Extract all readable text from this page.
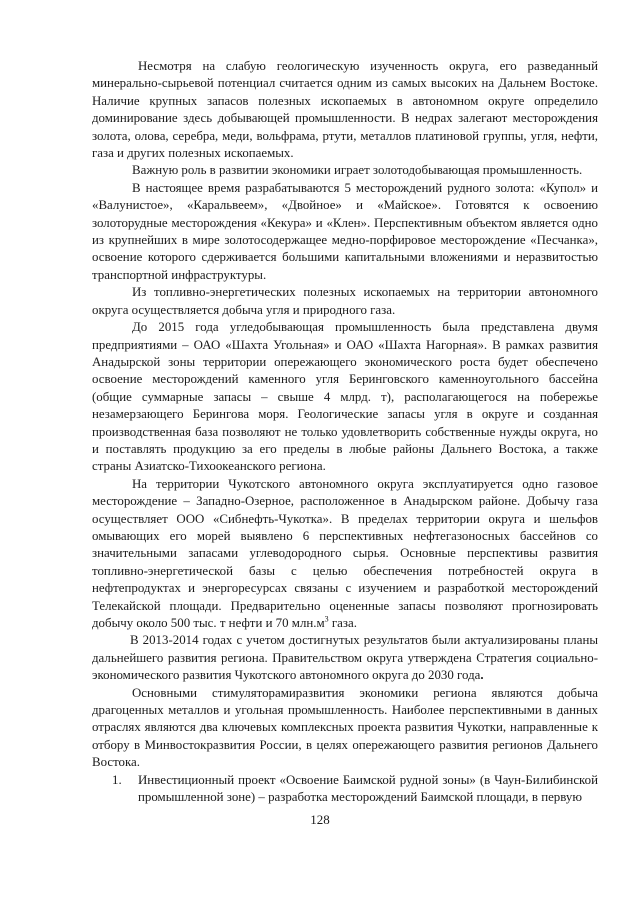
Несмотря на слабую геологическую изученность округа, его разведанный минерально-сырьевой потенциал считается одним из самых высоких на Дальнем Востоке. Наличие крупных запасов полезных ископаемых в автономном округе определило доминирование здесь добывающей промышленности. В недрах залегают месторождения золота, олова, серебра, меди, вольфрама, ртути, металлов платиновой группы, угля, нефти, газа и других полезных ископаемых.

Важную роль в развитии экономики играет золотодобывающая промышленность.

В настоящее время разрабатываются 5 месторождений рудного золота: «Купол» и «Валунистое», «Каральвеем», «Двойное» и «Майское». Готовятся к освоению золоторудные месторождения «Кекура» и «Клен». Перспективным объектом является одно из крупнейших в мире золотосодержащее медно-порфировое месторождение «Песчанка», освоение которого сдерживается большими капитальными вложениями и неразвитостью транспортной инфраструктуры.

Из топливно-энергетических полезных ископаемых на территории автономного округа осуществляется добыча угля и природного газа.

До 2015 года угледобывающая промышленность была представлена двумя предприятиями – ОАО «Шахта Угольная» и ОАО «Шахта Нагорная». В рамках развития Анадырской зоны территории опережающего экономического роста будет обеспечено освоение месторождений каменного угля Беринговского каменноугольного бассейна (общие суммарные запасы – свыше 4 млрд. т), располагающегося на побережье незамерзающего Берингова моря. Геологические запасы угля в округе и созданная производственная база позволяют не только удовлетворить собственные нужды округа, но и поставлять продукцию за его пределы в любые районы Дальнего Востока, а также страны Азиатско-Тихоокеанского региона.

На территории Чукотского автономного округа эксплуатируется одно газовое месторождение – Западно-Озерное, расположенное в Анадырском районе. Добычу газа осуществляет ООО «Сибнефть-Чукотка». В пределах территории округа и шельфов омывающих его морей выявлено 6 перспективных нефтегазоносных бассейнов со значительными запасами углеводородного сырья. Основные перспективы развития топливно-энергетической базы с целью обеспечения потребностей округа в нефтепродуктах и энергоресурсах связаны с изучением и разработкой месторождений Телекайской площади. Предварительно оцененные запасы позволяют прогнозировать добычу около 500 тыс. т нефти и 70 $млн.м^3$ газа.

В 2013-2014 годах с учетом достигнутых результатов были актуализированы планы дальнейшего развития региона. Правительством округа утверждена Стратегия социально-экономического развития Чукотского автономного округа до 2030 года.

Основными стимуляторамиразвития экономики региона являются добыча драгоценных металлов и угольная промышленность. Наиболее перспективными в данных отраслях являются два ключевых комплексных проекта развития Чукотки, направленные к отбору в Минвостокразвития России, в целях опережающего развития регионов Дальнего Востока.

1. Инвестиционный проект «Освоение Баимской рудной зоны» (в Чаун-Билибинской промышленной зоне) – разработка месторождений Баимской площади, в первую
128
